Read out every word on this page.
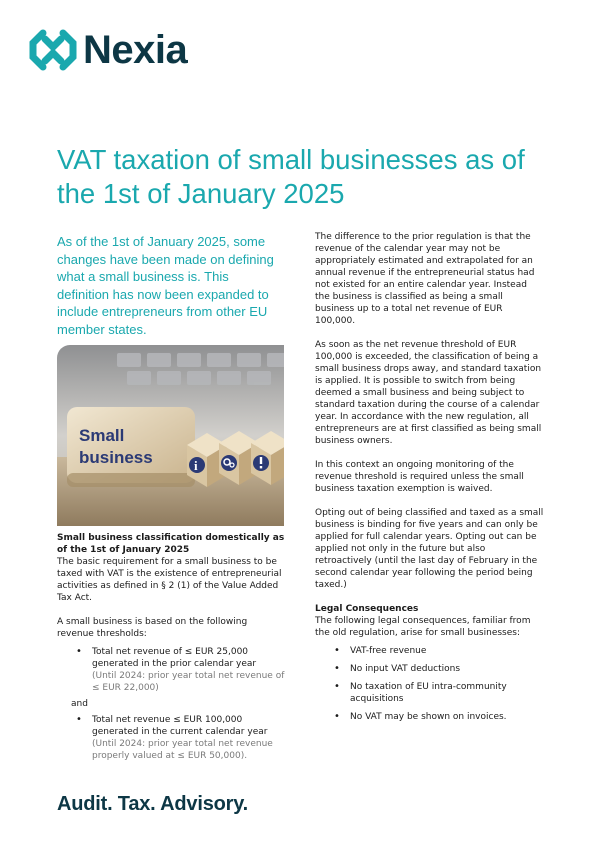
Nexia
VAT taxation of small businesses as of the 1st of January 2025

As of the 1st of January 2025, some changes have been made on defining what a small business is. This definition has now been expanded to include entrepreneurs from other EU member states.

Small
business	i

Small business classification domestically as of the 1st of January 2025

The basic requirement for a small business to be taxed with VAT is the existence of entrepreneurial activities as defined in § 2 (1) of the Value Added Tax Act.

A small business is based on the following revenue thresholds:

• Total net revenue of ≤ EUR 25,000 generated in the prior calendar year
(Until 2024: prior year total net revenue of ≤ EUR 22,000)

and

• Total net revenue ≤ EUR 100,000 generated in the current calendar year
(Until 2024: prior year total net revenue properly valued at ≤ EUR 50,000).

The difference to the prior regulation is that the revenue of the calendar year may not be appropriately estimated and extrapolated for an annual revenue if the entrepreneurial status had not existed for an entire calendar year. Instead the business is classified as being a small business up to a total net revenue of EUR 100,000.

As soon as the net revenue threshold of EUR 100,000 is exceeded, the classification of being a small business drops away, and standard taxation is applied. It is possible to switch from being deemed a small business and being subject to standard taxation during the course of a calendar year. In accordance with the new regulation, all entrepreneurs are at first classified as being small business owners.

In this context an ongoing monitoring of the revenue threshold is required unless the small business taxation exemption is waived.

Opting out of being classified and taxed as a small business is binding for five years and can only be applied for full calendar years. Opting out can be applied not only in the future but also retroactively (until the last day of February in the second calendar year following the period being taxed.)

Legal Consequences

The following legal consequences, familiar from the old regulation, arise for small businesses:

• VAT-free revenue
• No input VAT deductions
• No taxation of EU intra-community acquisitions
• No VAT may be shown on invoices.

Audit. Tax. Advisory.
